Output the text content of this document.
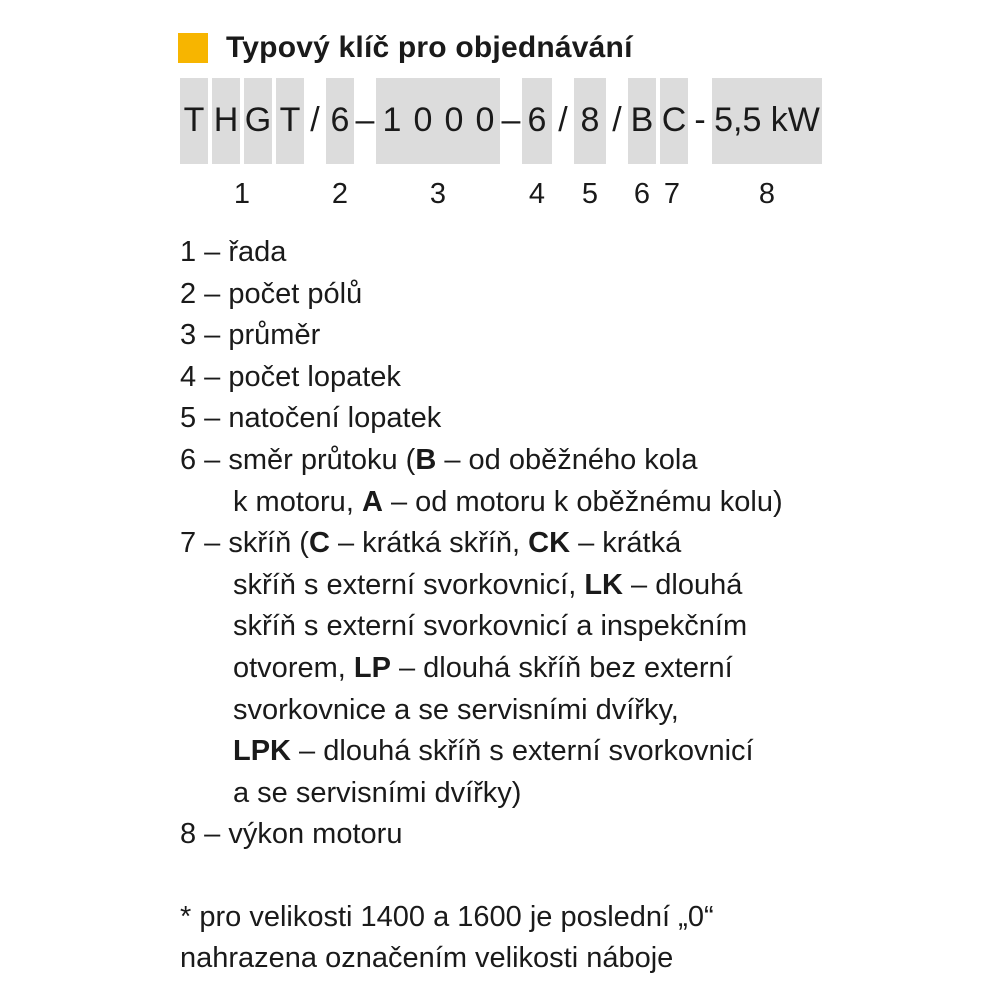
Typový klíč pro objednávání
T H G T / 6 – 1 0 0 0 – 6 / 8 / B C - 5,5 kW
1	2	3	4 5 6 7	8
1 – řada
2 – počet pólů
3 – průměr
4 – počet lopatek
5 – natočení lopatek
6 – směr průtoku (B – od oběžného kola
k motoru, A – od motoru k oběžnému kolu)
7 – skříň (C – krátká skříň, CK – krátká
skříň s externí svorkovnicí, LK – dlouhá
skříň s externí svorkovnicí a inspekčním
otvorem, LP – dlouhá skříň bez externí
svorkovnice a se servisními dvířky,
LPK – dlouhá skříň s externí svorkovnicí
a se servisními dvířky)
8 – výkon motoru
* pro velikosti 1400 a 1600 je poslední „0“
nahrazena označením velikosti náboje
